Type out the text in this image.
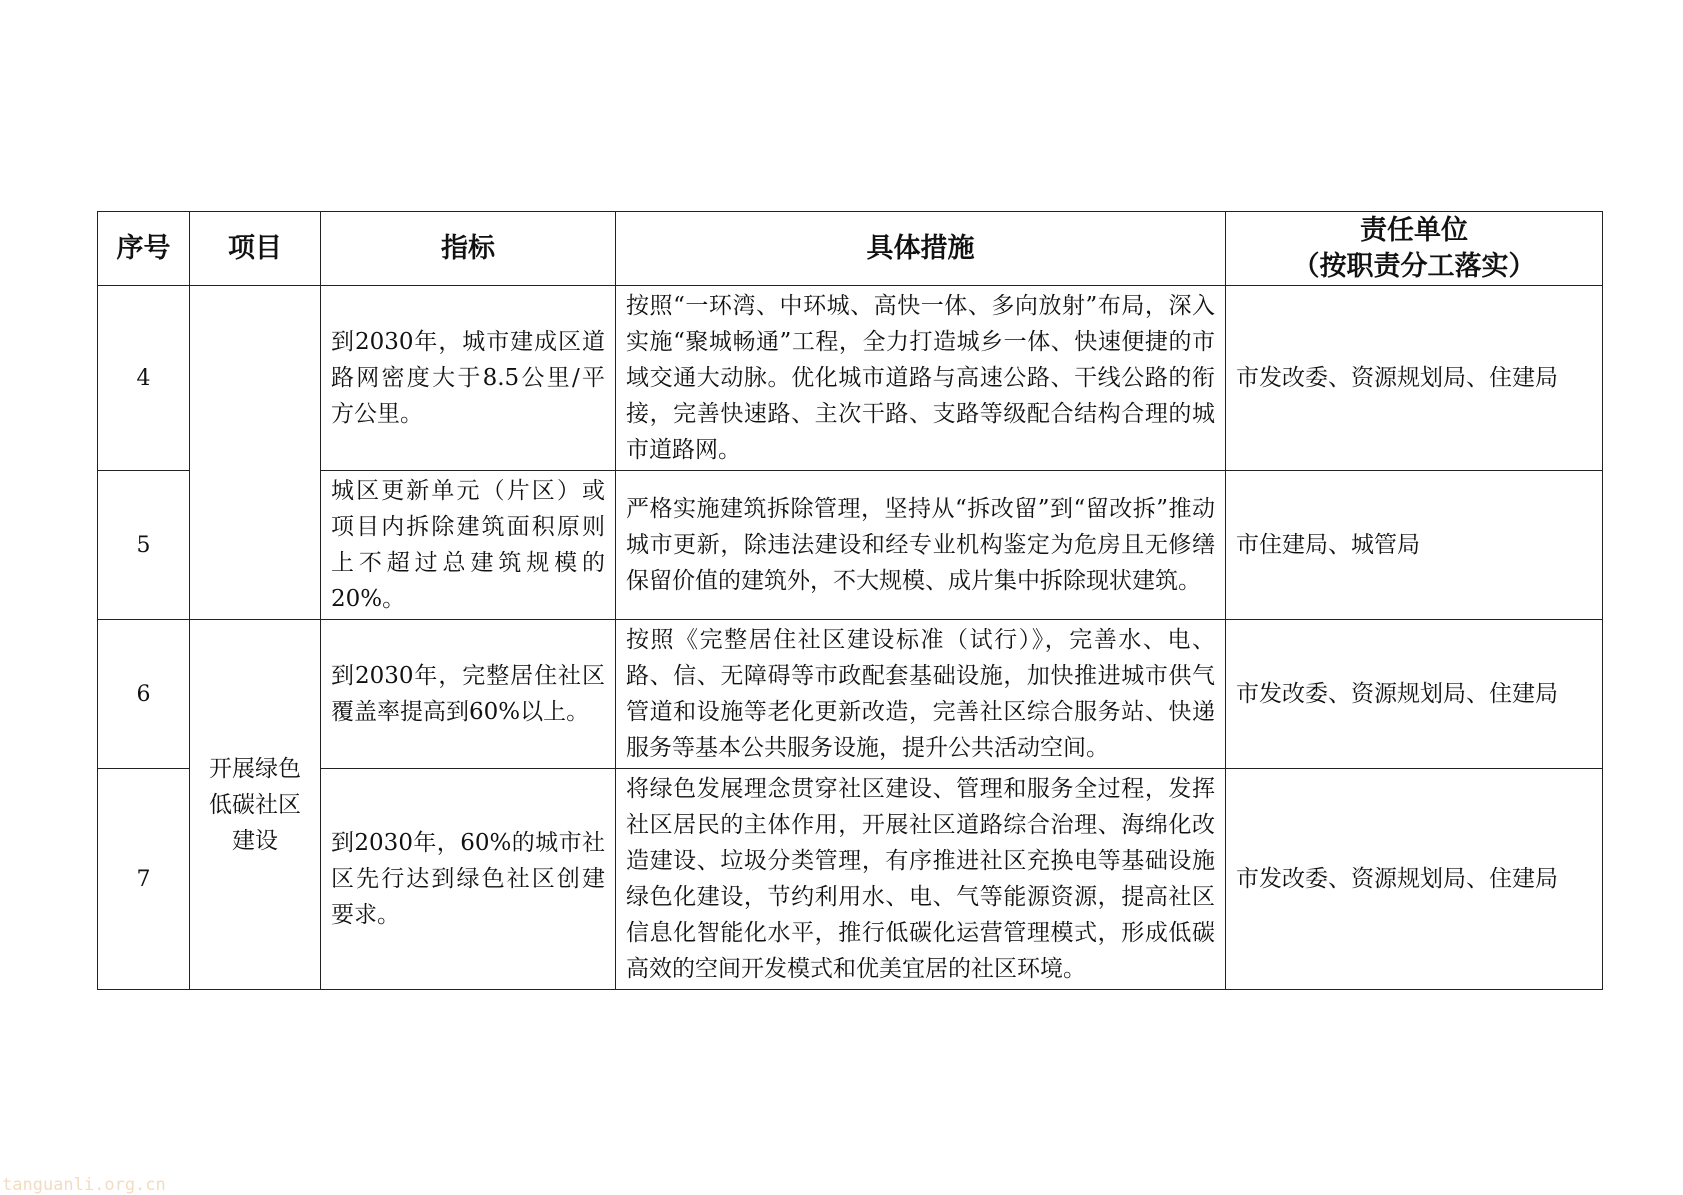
序号	项目	指标	具体措施	责任单位
（按职责分工落实）

4		到2030年，城市建成区道路网密度大于8.5公里/平方公里。	按照“一环湾、中环城、高快一体、多向放射”布局，深入实施“聚城畅通”工程，全力打造城乡一体、快速便捷的市域交通大动脉。优化城市道路与高速公路、干线公路的衔接，完善快速路、主次干路、支路等级配合结构合理的城市道路网。	市发改委、资源规划局、住建局
5		城区更新单元（片区）或项目内拆除建筑面积原则上不超过总建筑规模的20%。	严格实施建筑拆除管理，坚持从“拆改留”到“留改拆”推动城市更新，除违法建设和经专业机构鉴定为危房且无修缮保留价值的建筑外，不大规模、成片集中拆除现状建筑。	市住建局、城管局
6	开展绿色
低碳社区
建设	到2030年，完整居住社区覆盖率提高到60%以上。	按照《完整居住社区建设标准（试行）》，完善水、电、路、信、无障碍等市政配套基础设施，加快推进城市供气管道和设施等老化更新改造，完善社区综合服务站、快递服务等基本公共服务设施，提升公共活动空间。	市发改委、资源规划局、住建局
7		到2030年，60%的城市社区先行达到绿色社区创建要求。	将绿色发展理念贯穿社区建设、管理和服务全过程，发挥社区居民的主体作用，开展社区道路综合治理、海绵化改造建设、垃圾分类管理，有序推进社区充换电等基础设施绿色化建设，节约利用水、电、气等能源资源，提高社区信息化智能化水平，推行低碳化运营管理模式，形成低碳高效的空间开发模式和优美宜居的社区环境。	市发改委、资源规划局、住建局
tanguanli.org.cn
